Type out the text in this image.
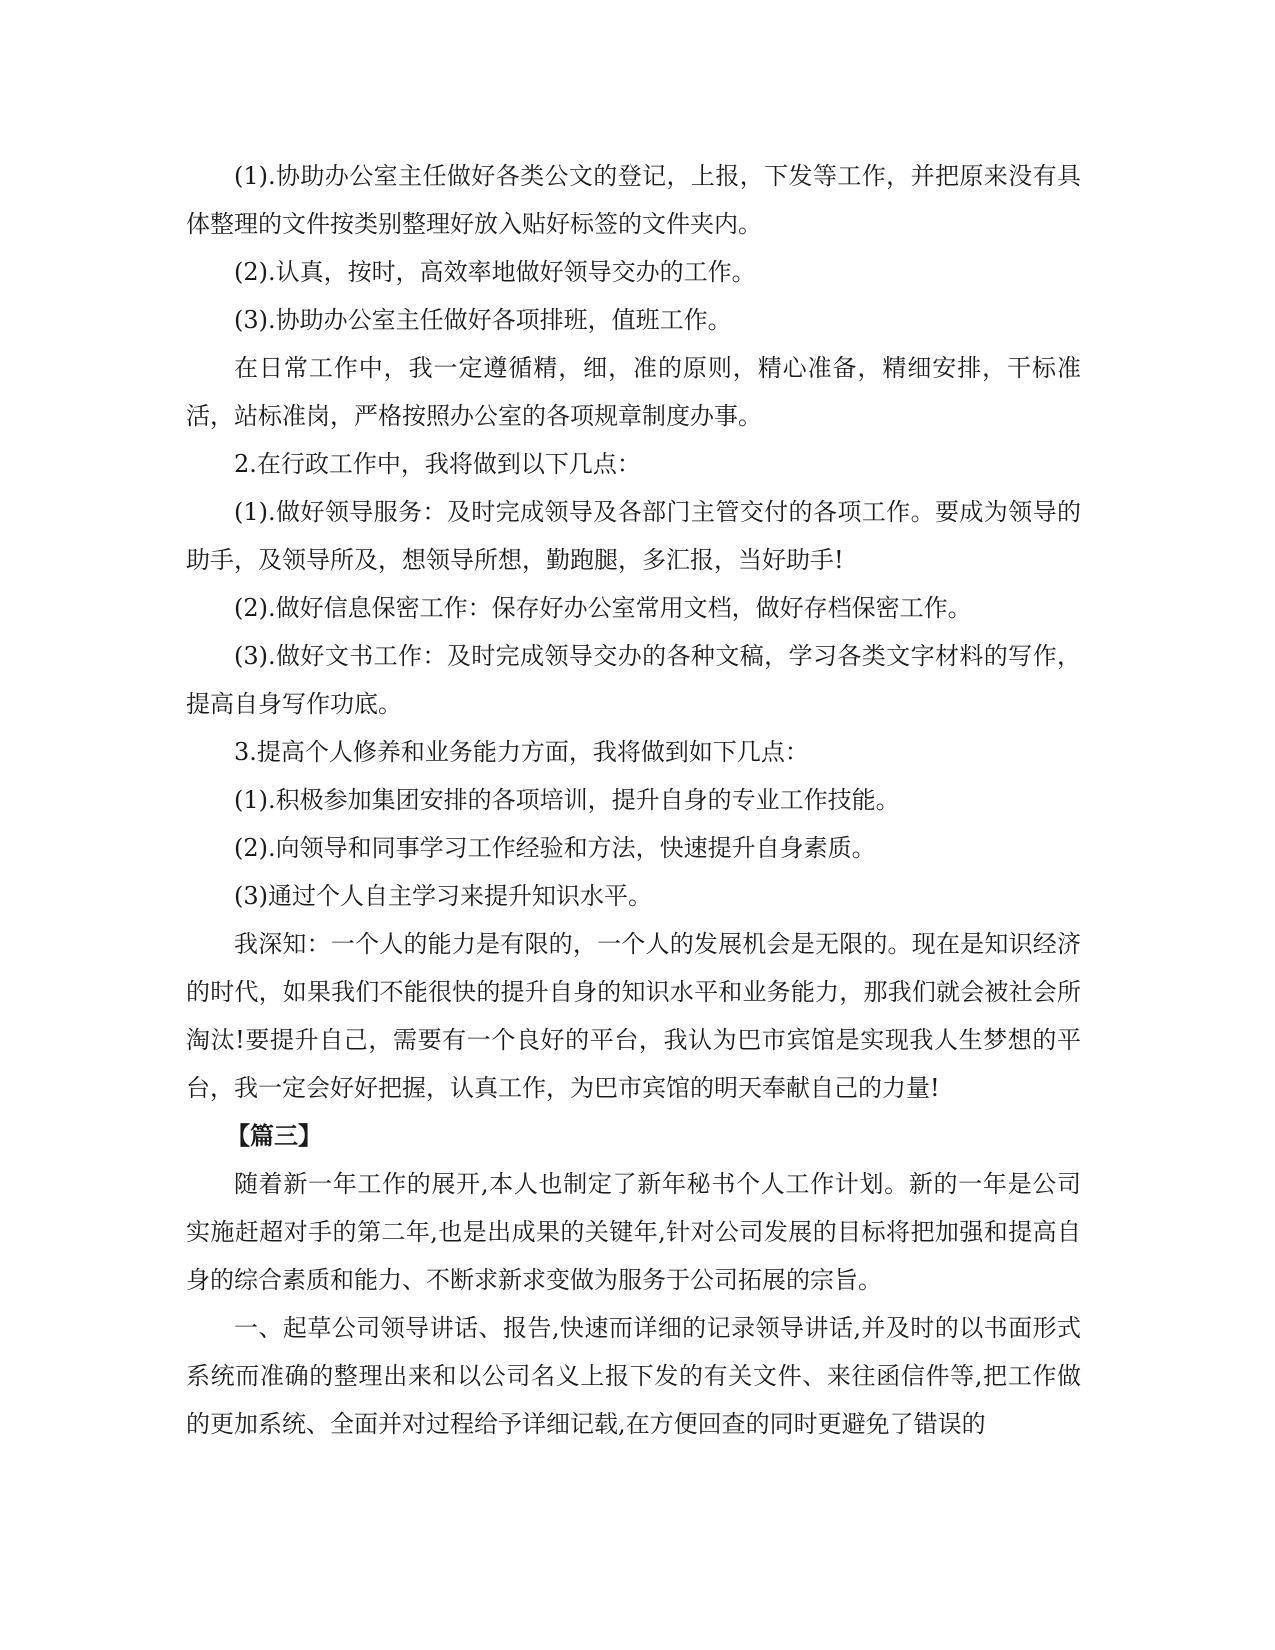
(1).协助办公室主任做好各类公文的登记，上报，下发等工作，并把原来没有具体整理的文件按类别整理好放入贴好标签的文件夹内。

(2).认真，按时，高效率地做好领导交办的工作。

(3).协助办公室主任做好各项排班，值班工作。

在日常工作中，我一定遵循精，细，准的原则，精心准备，精细安排，干标准活，站标准岗，严格按照办公室的各项规章制度办事。

2.在行政工作中，我将做到以下几点：

(1).做好领导服务：及时完成领导及各部门主管交付的各项工作。要成为领导的助手，及领导所及，想领导所想，勤跑腿，多汇报，当好助手!

(2).做好信息保密工作：保存好办公室常用文档，做好存档保密工作。

(3).做好文书工作：及时完成领导交办的各种文稿，学习各类文字材料的写作，提高自身写作功底。

3.提高个人修养和业务能力方面，我将做到如下几点：

(1).积极参加集团安排的各项培训，提升自身的专业工作技能。

(2).向领导和同事学习工作经验和方法，快速提升自身素质。

(3)通过个人自主学习来提升知识水平。

我深知：一个人的能力是有限的，一个人的发展机会是无限的。现在是知识经济的时代，如果我们不能很快的提升自身的知识水平和业务能力，那我们就会被社会所淘汰!要提升自己，需要有一个良好的平台，我认为巴市宾馆是实现我人生梦想的平台，我一定会好好把握，认真工作，为巴市宾馆的明天奉献自己的力量!

【篇三】

随着新一年工作的展开,本人也制定了新年秘书个人工作计划。新的一年是公司实施赶超对手的第二年,也是出成果的关键年,针对公司发展的目标将把加强和提高自身的综合素质和能力、不断求新求变做为服务于公司拓展的宗旨。

一、起草公司领导讲话、报告,快速而详细的记录领导讲话,并及时的以书面形式系统而准确的整理出来和以公司名义上报下发的有关文件、来往函信件等,把工作做的更加系统、全面并对过程给予详细记载,在方便回查的同时更避免了错误的
